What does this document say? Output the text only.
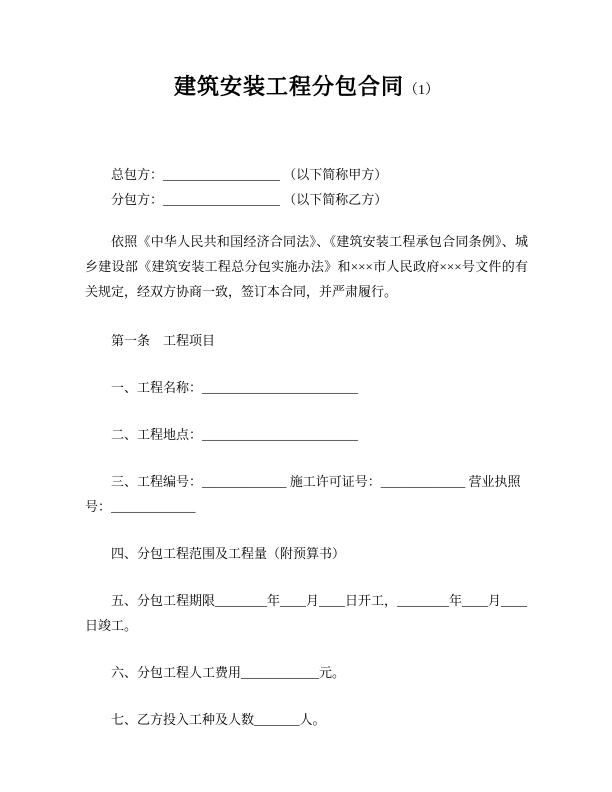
建筑安装工程分包合同（1）

总包方：__________________ （以下简称甲方）

分包方：__________________ （以下简称乙方）

依照《中华人民共和国经济合同法》、《建筑安装工程承包合同条例》、城乡建设部《建筑安装工程总分包实施办法》和×××市人民政府×××号文件的有关规定，经双方协商一致，签订本合同，并严肃履行。

第一条　工程项目

一、工程名称：________________________

二、工程地点：________________________

三、工程编号：_____________ 施工许可证号：_____________ 营业执照号：_____________

四、分包工程范围及工程量（附预算书）

五、分包工程期限________年____月____日开工，________年____月____日竣工。

六、分包工程人工费用____________元。

七、乙方投入工种及人数_______人。
